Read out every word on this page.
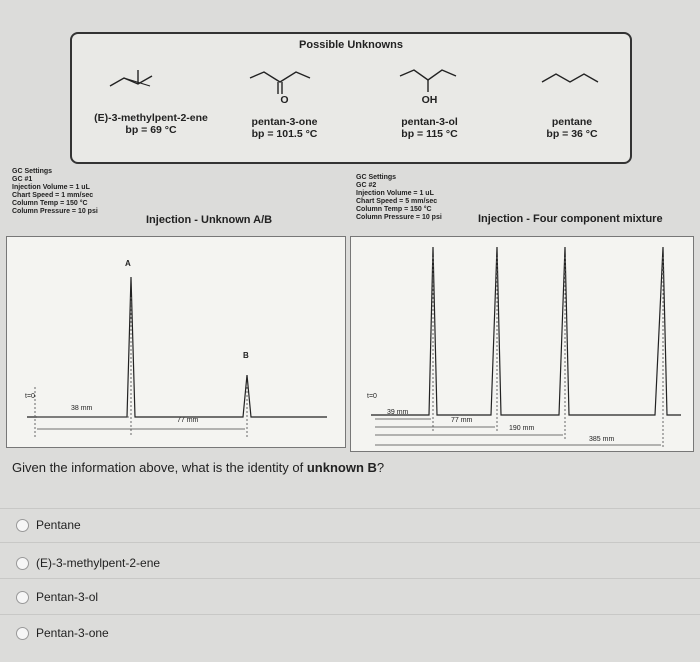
Possible Unknowns
(E)-3-methylpent-2-ene
bp = 69 °C
O
pentan-3-one
bp = 101.5 °C
OH
pentan-3-ol
bp = 115 °C
pentane
bp = 36 °C
GC Settings
GC #1
Injection Volume = 1 uL
Chart Speed = 1 mm/sec
Column Temp = 150 °C
Column Pressure = 10 psi
Injection - Unknown A/B
GC Settings
GC #2
Injection Volume = 1 uL
Chart Speed = 5 mm/sec
Column Temp = 150 °C
Column Pressure = 10 psi	Injection - Four component mixture
A
B
t=0
38 mm
77 mm
t=0
39 mm
77 mm
190 mm
385 mm
Given the information above, what is the identity of unknown B?
Pentane
(E)-3-methylpent-2-ene
Pentan-3-ol
Pentan-3-one
